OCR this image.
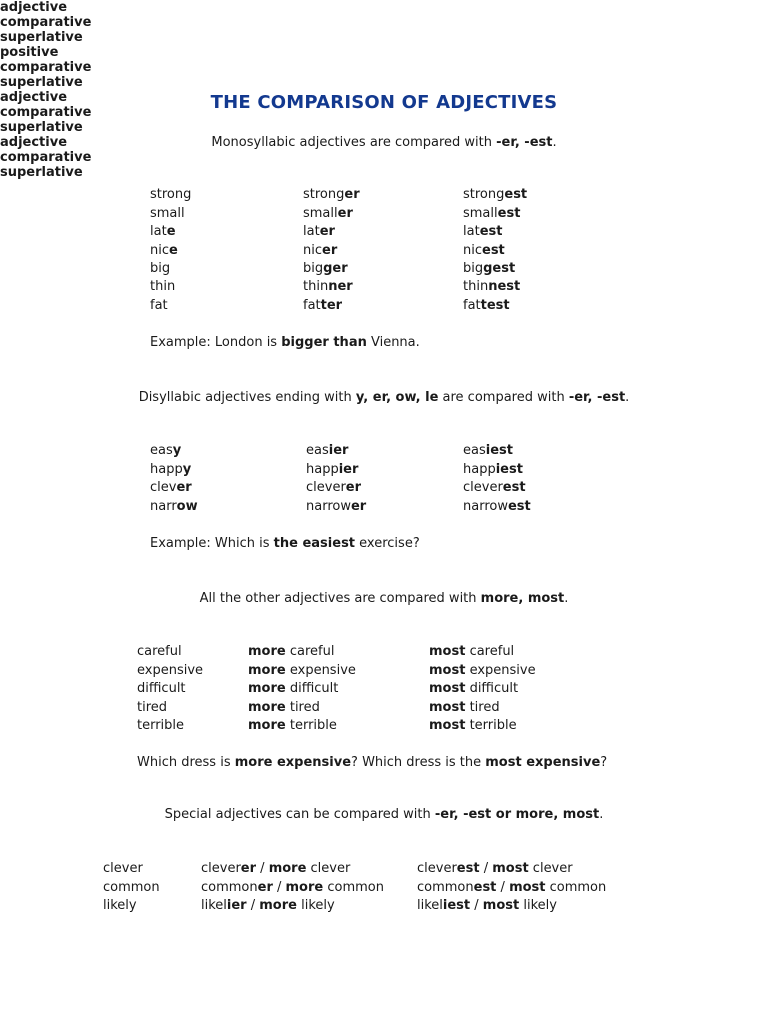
THE COMPARISON OF ADJECTIVES
Monosyllabic adjectives are compared with -er, -est.
Example: London is bigger than Vienna.
Disyllabic adjectives ending with y, er, ow, le are compared with -er, -est.
Example: Which is the easiest exercise?
All the other adjectives are compared with more, most.
Which dress is more expensive? Which dress is the most expensive?
Special adjectives can be compared with -er, -est or more, most.
adjective
comparative
superlative
strong	stronger	strongest
small	smaller	smallest
late	later	latest
nice	nicer	nicest
big	bigger	biggest
thin	thinner	thinnest
fat	fatter	fattest
positive
comparative
superlative
easy	easier	easiest
happy	happier	happiest
clever	cleverer	cleverest
narrow	narrower	narrowest
adjective
comparative
superlative
careful	more careful	most careful
expensive	more expensive	most expensive
difficult	more difficult	most difficult
tired	more tired	most tired
terrible	more terrible	most terrible
adjective
comparative
superlative
clever	cleverer / more clever	cleverest / most clever
common	commoner / more common	commonest / most common
likely	likelier / more likely	likeliest / most likely
